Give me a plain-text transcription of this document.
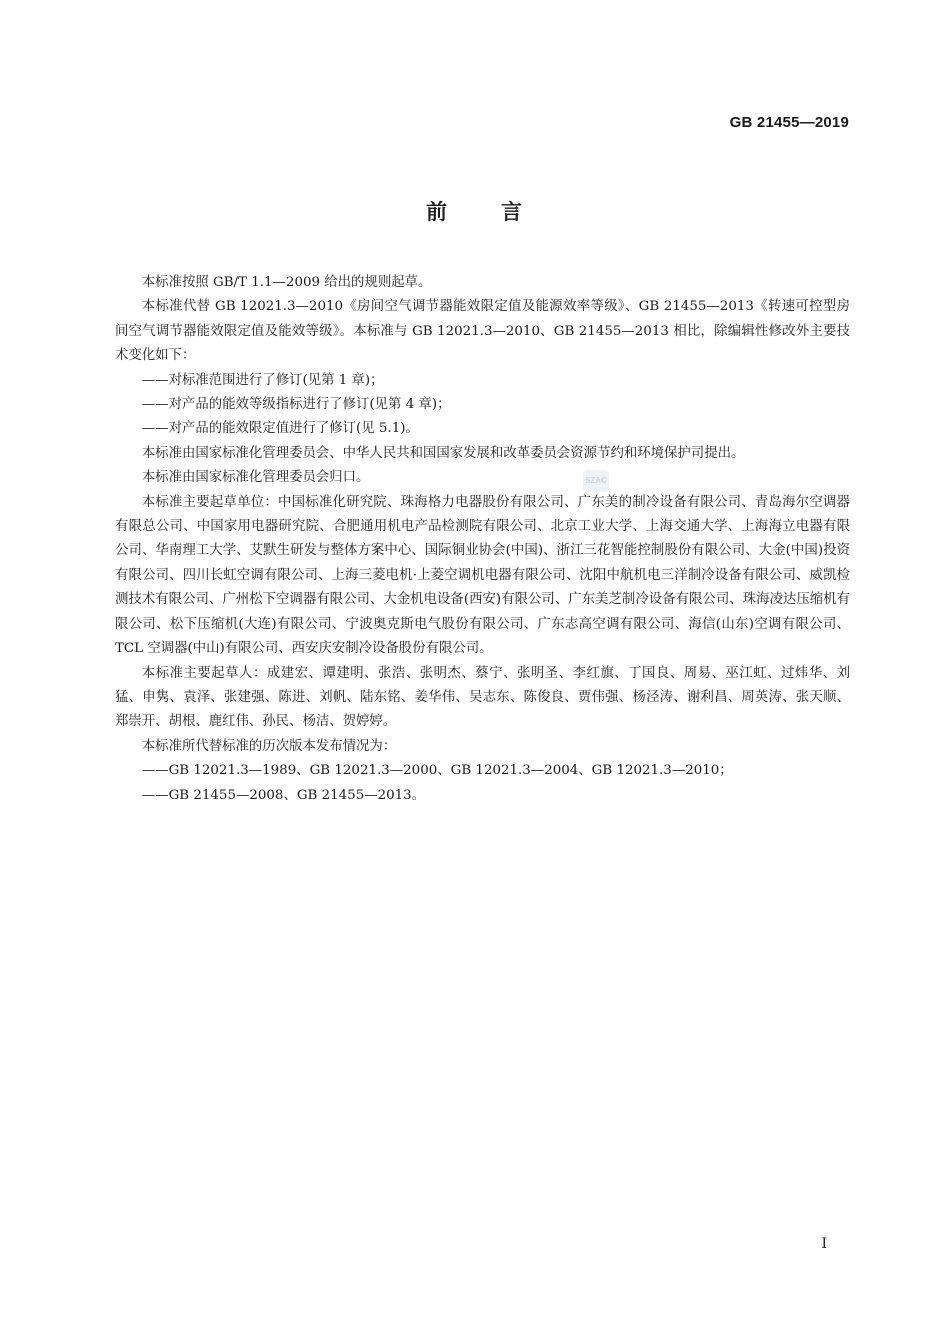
GB 21455—2019
前 言
SZAC

本标准按照 GB/T 1.1—2009 给出的规则起草。

本标准代替 GB 12021.3—2010《房间空气调节器能效限定值及能源效率等级》、GB 21455—2013《转速可控型房间空气调节器能效限定值及能效等级》。本标准与 GB 12021.3—2010、GB 21455—2013 相比，除编辑性修改外主要技术变化如下：

——对标准范围进行了修订(见第 1 章)；

——对产品的能效等级指标进行了修订(见第 4 章)；

——对产品的能效限定值进行了修订(见 5.1)。

本标准由国家标准化管理委员会、中华人民共和国国家发展和改革委员会资源节约和环境保护司提出。

本标准由国家标准化管理委员会归口。

本标准主要起草单位：中国标准化研究院、珠海格力电器股份有限公司、广东美的制冷设备有限公司、青岛海尔空调器有限总公司、中国家用电器研究院、合肥通用机电产品检测院有限公司、北京工业大学、上海交通大学、上海海立电器有限公司、华南理工大学、艾默生研发与整体方案中心、国际铜业协会(中国)、浙江三花智能控制股份有限公司、大金(中国)投资有限公司、四川长虹空调有限公司、上海三菱电机·上菱空调机电器有限公司、沈阳中航机电三洋制冷设备有限公司、威凯检测技术有限公司、广州松下空调器有限公司、大金机电设备(西安)有限公司、广东美芝制冷设备有限公司、珠海凌达压缩机有限公司、松下压缩机(大连)有限公司、宁波奥克斯电气股份有限公司、广东志高空调有限公司、海信(山东)空调有限公司、TCL 空调器(中山)有限公司、西安庆安制冷设备股份有限公司。

本标准主要起草人：成建宏、谭建明、张浩、张明杰、蔡宁、张明圣、李红旗、丁国良、周易、巫江虹、过炜华、刘猛、申隽、袁泽、张建强、陈进、刘帆、陆东铭、姜华伟、吴志东、陈俊良、贾伟强、杨泾涛、谢利昌、周英涛、张天顺、郑崇开、胡根、鹿红伟、孙民、杨洁、贺婷婷。

本标准所代替标准的历次版本发布情况为：

——GB 12021.3—1989、GB 12021.3—2000、GB 12021.3—2004、GB 12021.3—2010；

——GB 21455—2008、GB 21455—2013。

I
